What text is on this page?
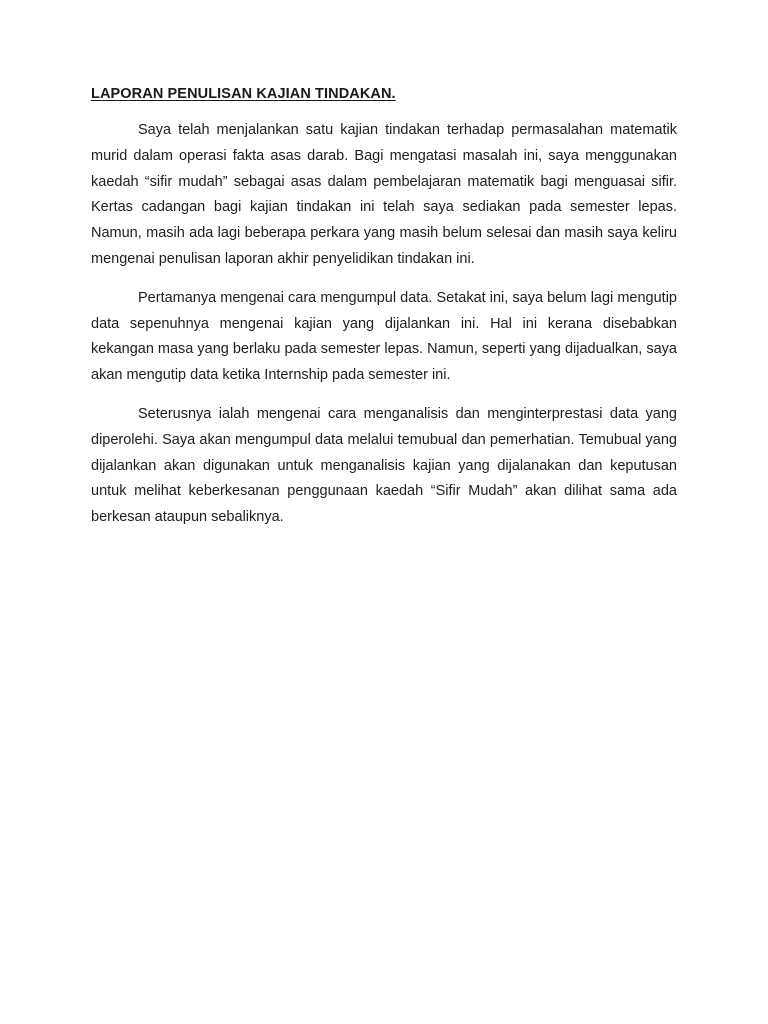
LAPORAN PENULISAN KAJIAN TINDAKAN.

Saya telah menjalankan satu kajian tindakan terhadap permasalahan matematik murid dalam operasi fakta asas darab. Bagi mengatasi masalah ini, saya menggunakan kaedah “sifir mudah” sebagai asas dalam pembelajaran matematik bagi menguasai sifir. Kertas cadangan bagi kajian tindakan ini telah saya sediakan pada semester lepas. Namun, masih ada lagi beberapa perkara yang masih belum selesai dan masih saya keliru mengenai penulisan laporan akhir penyelidikan tindakan ini.

Pertamanya mengenai cara mengumpul data. Setakat ini, saya belum lagi mengutip data sepenuhnya mengenai kajian yang dijalankan ini. Hal ini kerana disebabkan kekangan masa yang berlaku pada semester lepas. Namun, seperti yang dijadualkan, saya akan mengutip data ketika Internship pada semester ini.

Seterusnya ialah mengenai cara menganalisis dan menginterprestasi data yang diperolehi. Saya akan mengumpul data melalui temubual dan pemerhatian. Temubual yang dijalankan akan digunakan untuk menganalisis kajian yang dijalanakan dan keputusan untuk melihat keberkesanan penggunaan kaedah “Sifir Mudah” akan dilihat sama ada berkesan ataupun sebaliknya.
